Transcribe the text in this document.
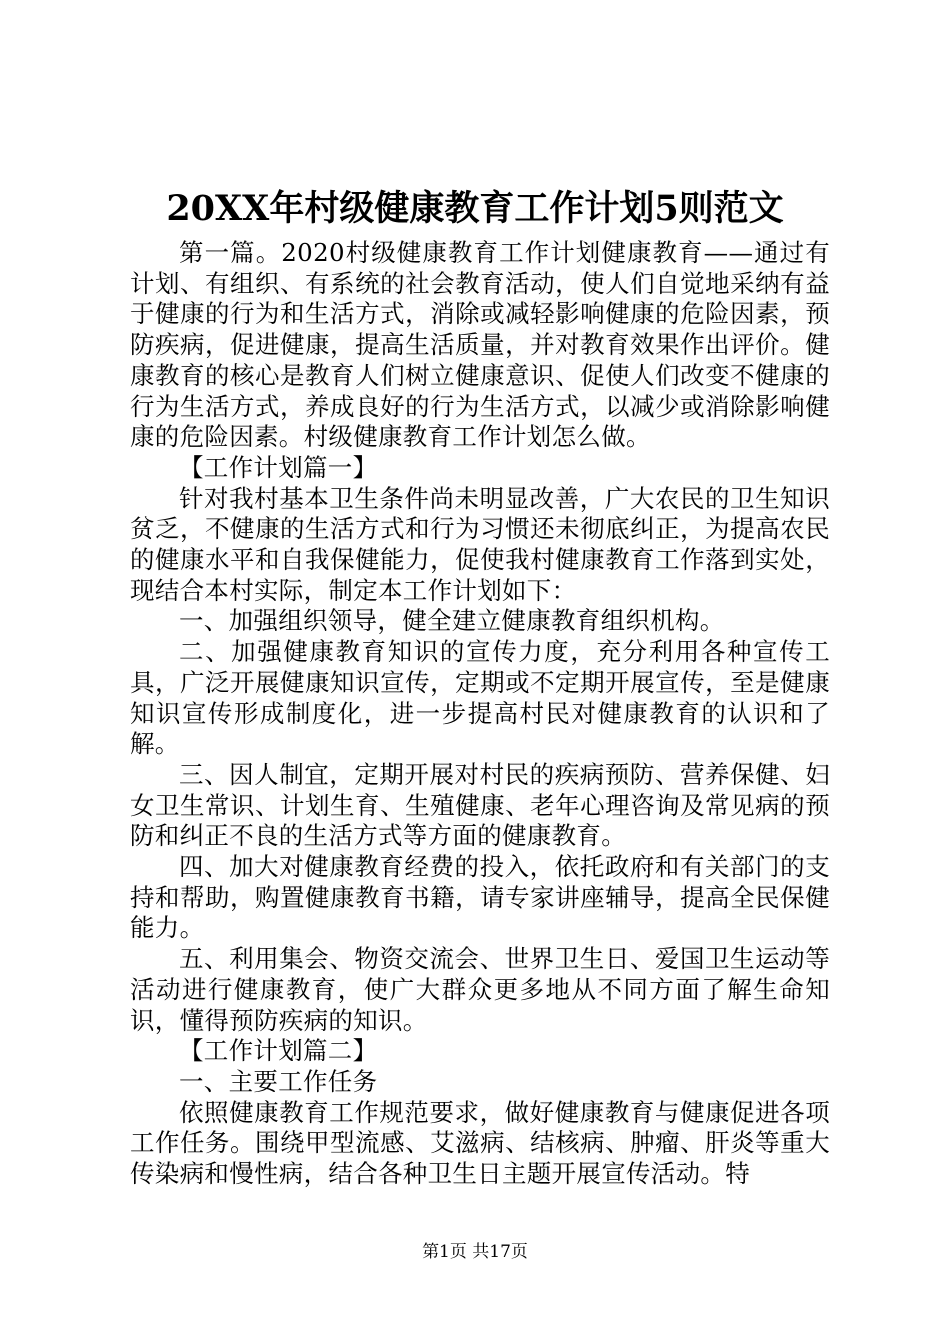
20XX年村级健康教育工作计划5则范文

第一篇。2020村级健康教育工作计划健康教育——通过有计划、有组织、有系统的社会教育活动，使人们自觉地采纳有益于健康的行为和生活方式，消除或减轻影响健康的危险因素，预防疾病，促进健康，提高生活质量，并对教育效果作出评价。健康教育的核心是教育人们树立健康意识、促使人们改变不健康的行为生活方式，养成良好的行为生活方式，以减少或消除影响健康的危险因素。村级健康教育工作计划怎么做。

【工作计划篇一】

针对我村基本卫生条件尚未明显改善，广大农民的卫生知识贫乏，不健康的生活方式和行为习惯还未彻底纠正，为提高农民的健康水平和自我保健能力，促使我村健康教育工作落到实处，现结合本村实际，制定本工作计划如下：

一、加强组织领导，健全建立健康教育组织机构。

二、加强健康教育知识的宣传力度，充分利用各种宣传工具，广泛开展健康知识宣传，定期或不定期开展宣传，至是健康知识宣传形成制度化，进一步提高村民对健康教育的认识和了解。

三、因人制宜，定期开展对村民的疾病预防、营养保健、妇女卫生常识、计划生育、生殖健康、老年心理咨询及常见病的预防和纠正不良的生活方式等方面的健康教育。

四、加大对健康教育经费的投入，依托政府和有关部门的支持和帮助，购置健康教育书籍，请专家讲座辅导，提高全民保健能力。

五、利用集会、物资交流会、世界卫生日、爱国卫生运动等活动进行健康教育，使广大群众更多地从不同方面了解生命知识，懂得预防疾病的知识。

【工作计划篇二】

一、主要工作任务

依照健康教育工作规范要求，做好健康教育与健康促进各项工作任务。围绕甲型流感、艾滋病、结核病、肿瘤、肝炎等重大传染病和慢性病，结合各种卫生日主题开展宣传活动。特

第1页 共17页
